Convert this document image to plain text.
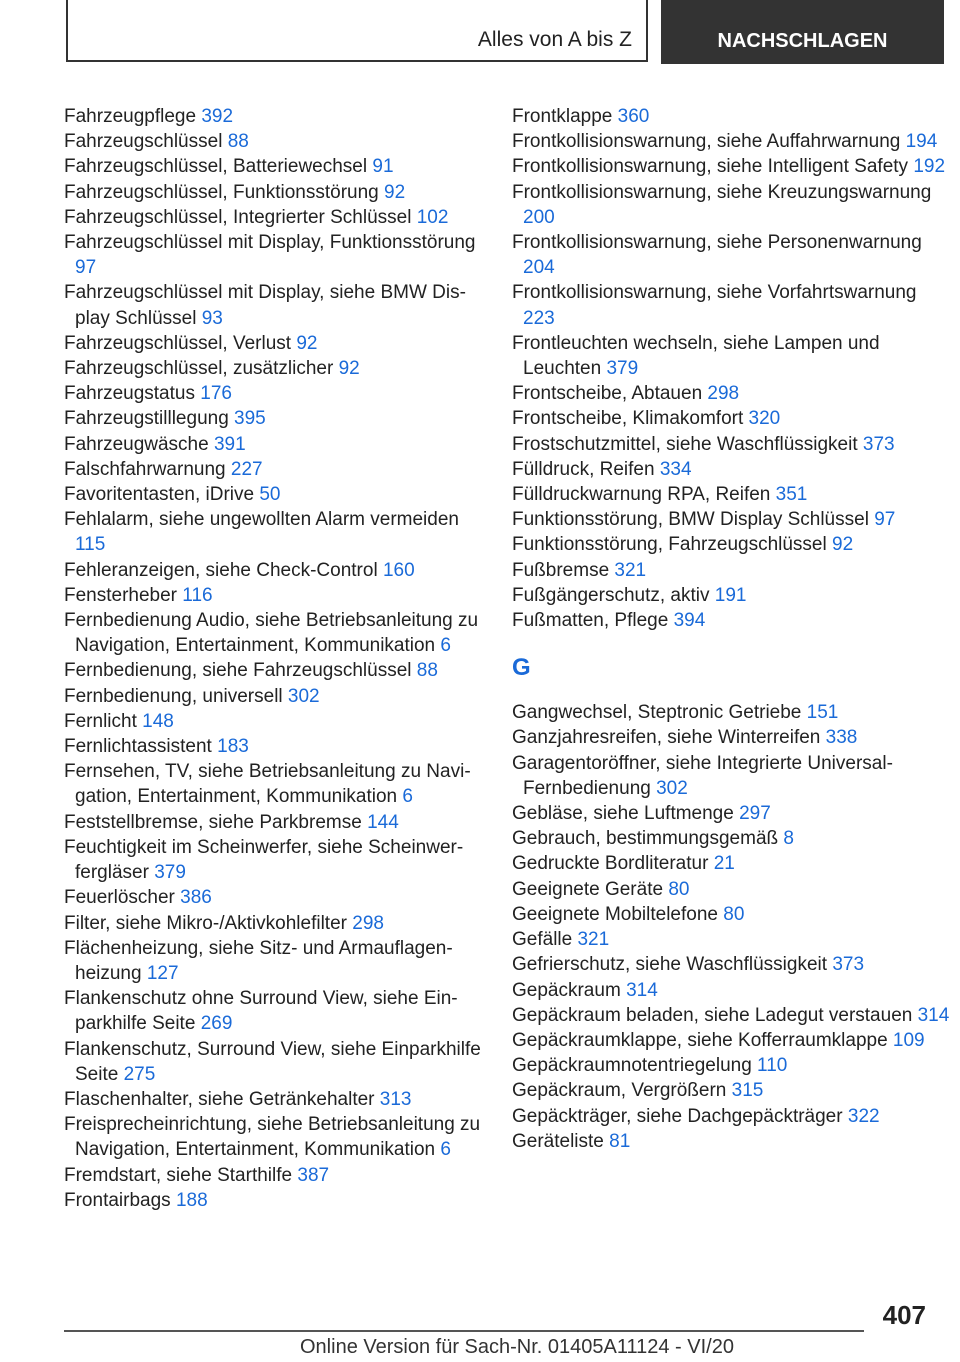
Alles von A bis Z	NACHSCHLAGEN
Fahrzeugpflege 392
Fahrzeugschlüssel 88
Fahrzeugschlüssel, Batteriewechsel 91
Fahrzeugschlüssel, Funktionsstörung 92
Fahrzeugschlüssel, Integrierter Schlüssel 102
Fahrzeugschlüssel mit Display, Funktionsstörung 97
Fahrzeugschlüssel mit Display, siehe BMW Display Schlüssel 93
Fahrzeugschlüssel, Verlust 92
Fahrzeugschlüssel, zusätzlicher 92
Fahrzeugstatus 176
Fahrzeugstilllegung 395
Fahrzeugwäsche 391
Falschfahrwarnung 227
Favoritentasten, iDrive 50
Fehlalarm, siehe ungewollten Alarm vermeiden 115
Fehleranzeigen, siehe Check-Control 160
Fensterheber 116
Fernbedienung Audio, siehe Betriebsanleitung zu Navigation, Entertainment, Kommunikation 6
Fernbedienung, siehe Fahrzeugschlüssel 88
Fernbedienung, universell 302
Fernlicht 148
Fernlichtassistent 183
Fernsehen, TV, siehe Betriebsanleitung zu Navigation, Entertainment, Kommunikation 6
Feststellbremse, siehe Parkbremse 144
Feuchtigkeit im Scheinwerfer, siehe Scheinwerfergläser 379
Feuerlöscher 386
Filter, siehe Mikro-/Aktivkohlefilter 298
Flächenheizung, siehe Sitz- und Armauflagenheizung 127
Flankenschutz ohne Surround View, siehe Einparkhilfe Seite 269
Flankenschutz, Surround View, siehe Einparkhilfe Seite 275
Flaschenhalter, siehe Getränkehalter 313
Freisprecheinrichtung, siehe Betriebsanleitung zu Navigation, Entertainment, Kommunikation 6
Fremdstart, siehe Starthilfe 387
Frontairbags 188
Frontklappe 360
Frontkollisionswarnung, siehe Auffahrwarnung 194
Frontkollisionswarnung, siehe Intelligent Safety 192
Frontkollisionswarnung, siehe Kreuzungswarnung 200
Frontkollisionswarnung, siehe Personenwarnung 204
Frontkollisionswarnung, siehe Vorfahrtswarnung 223
Frontleuchten wechseln, siehe Lampen und Leuchten 379
Frontscheibe, Abtauen 298
Frontscheibe, Klimakomfort 320
Frostschutzmittel, siehe Waschflüssigkeit 373
Fülldruck, Reifen 334
Fülldruckwarnung RPA, Reifen 351
Funktionsstörung, BMW Display Schlüssel 97
Funktionsstörung, Fahrzeugschlüssel 92
Fußbremse 321
Fußgängerschutz, aktiv 191
Fußmatten, Pflege 394
G
Gangwechsel, Steptronic Getriebe 151
Ganzjahresreifen, siehe Winterreifen 338
Garagentoröffner, siehe Integrierte UniversalFernbedienung 302
Gebläse, siehe Luftmenge 297
Gebrauch, bestimmungsgemäß 8
Gedruckte Bordliteratur 21
Geeignete Geräte 80
Geeignete Mobiltelefone 80
Gefälle 321
Gefrierschutz, siehe Waschflüssigkeit 373
Gepäckraum 314
Gepäckraum beladen, siehe Ladegut verstauen 314
Gepäckraumklappe, siehe Kofferraumklappe 109
Gepäckraumnotentriegelung 110
Gepäckraum, Vergrößern 315
Gepäckträger, siehe Dachgepäckträger 322
Geräteliste 81
407
Online Version für Sach-Nr. 01405A11124 - VI/20
